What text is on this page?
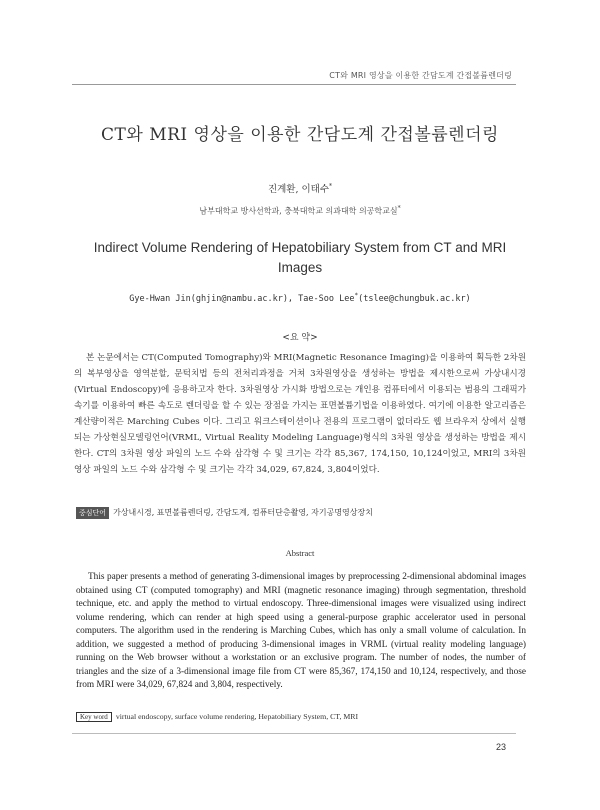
CT와 MRI 영상을 이용한 간담도계 간접볼륨렌더링
CT와 MRI 영상을 이용한 간담도계 간접볼륨렌더링
진계환, 이태수*
남부대학교 방사선학과, 충북대학교 의과대학 의공학교실*
Indirect Volume Rendering of Hepatobiliary System from CT and MRI Images
Gye-Hwan Jin(ghjin@nambu.ac.kr), Tae-Soo Lee*(tslee@chungbuk.ac.kr)
<요 약>

본 논문에서는 CT(Computed Tomography)와 MRI(Magnetic Resonance Imaging)을 이용하여 획득한 2차원의 복부영상을 영역분할, 문턱치법 등의 전처리과정을 거쳐 3차원영상을 생성하는 방법을 제시한으로써 가상내시경(Virtual Endoscopy)에 응용하고자 한다. 3차원영상 가시화 방법으로는 개인용 컴퓨터에서 이용되는 범용의 그래픽가속기를 이용하여 빠른 속도로 렌더링을 할 수 있는 장점을 가지는 표면볼륨기법을 이용하였다. 여기에 이용한 알고리즘은 계산량이적은 Marching Cubes 이다. 그리고 워크스테이션이나 전용의 프로그램이 없더라도 웹 브라우저 상에서 실행되는 가상현실모델링언어(VRML, Virtual Reality Modeling Language)형식의 3차원 영상을 생성하는 방법을 제시한다. CT의 3차원 영상 파일의 노드 수와 삼각형 수 및 크기는 각각 85,367, 174,150, 10,124이었고, MRI의 3차원 영상 파일의 노드 수와 삼각형 수 및 크기는 각각 34,029, 67,824, 3,804이었다.

중심단어 가상내시경, 표면볼륨렌더링, 간담도계, 컴퓨터단층촬영, 자기공명영상장치
Abstract

This paper presents a method of generating 3-dimensional images by preprocessing 2-dimensional abdominal images obtained using CT (computed tomography) and MRI (magnetic resonance imaging) through segmentation, threshold technique, etc. and apply the method to virtual endoscopy. Three-dimensional images were visualized using indirect volume rendering, which can render at high speed using a general-purpose graphic accelerator used in personal computers. The algorithm used in the rendering is Marching Cubes, which has only a small volume of calculation. In addition, we suggested a method of producing 3-dimensional images in VRML (virtual reality modeling language) running on the Web browser without a workstation or an exclusive program. The number of nodes, the number of triangles and the size of a 3-dimensional image file from CT were 85,367, 174,150 and 10,124, respectively, and those from MRI were 34,029, 67,824 and 3,804, respectively.

Key word virtual endoscopy, surface volume rendering, Hepatobiliary System, CT, MRI
23
